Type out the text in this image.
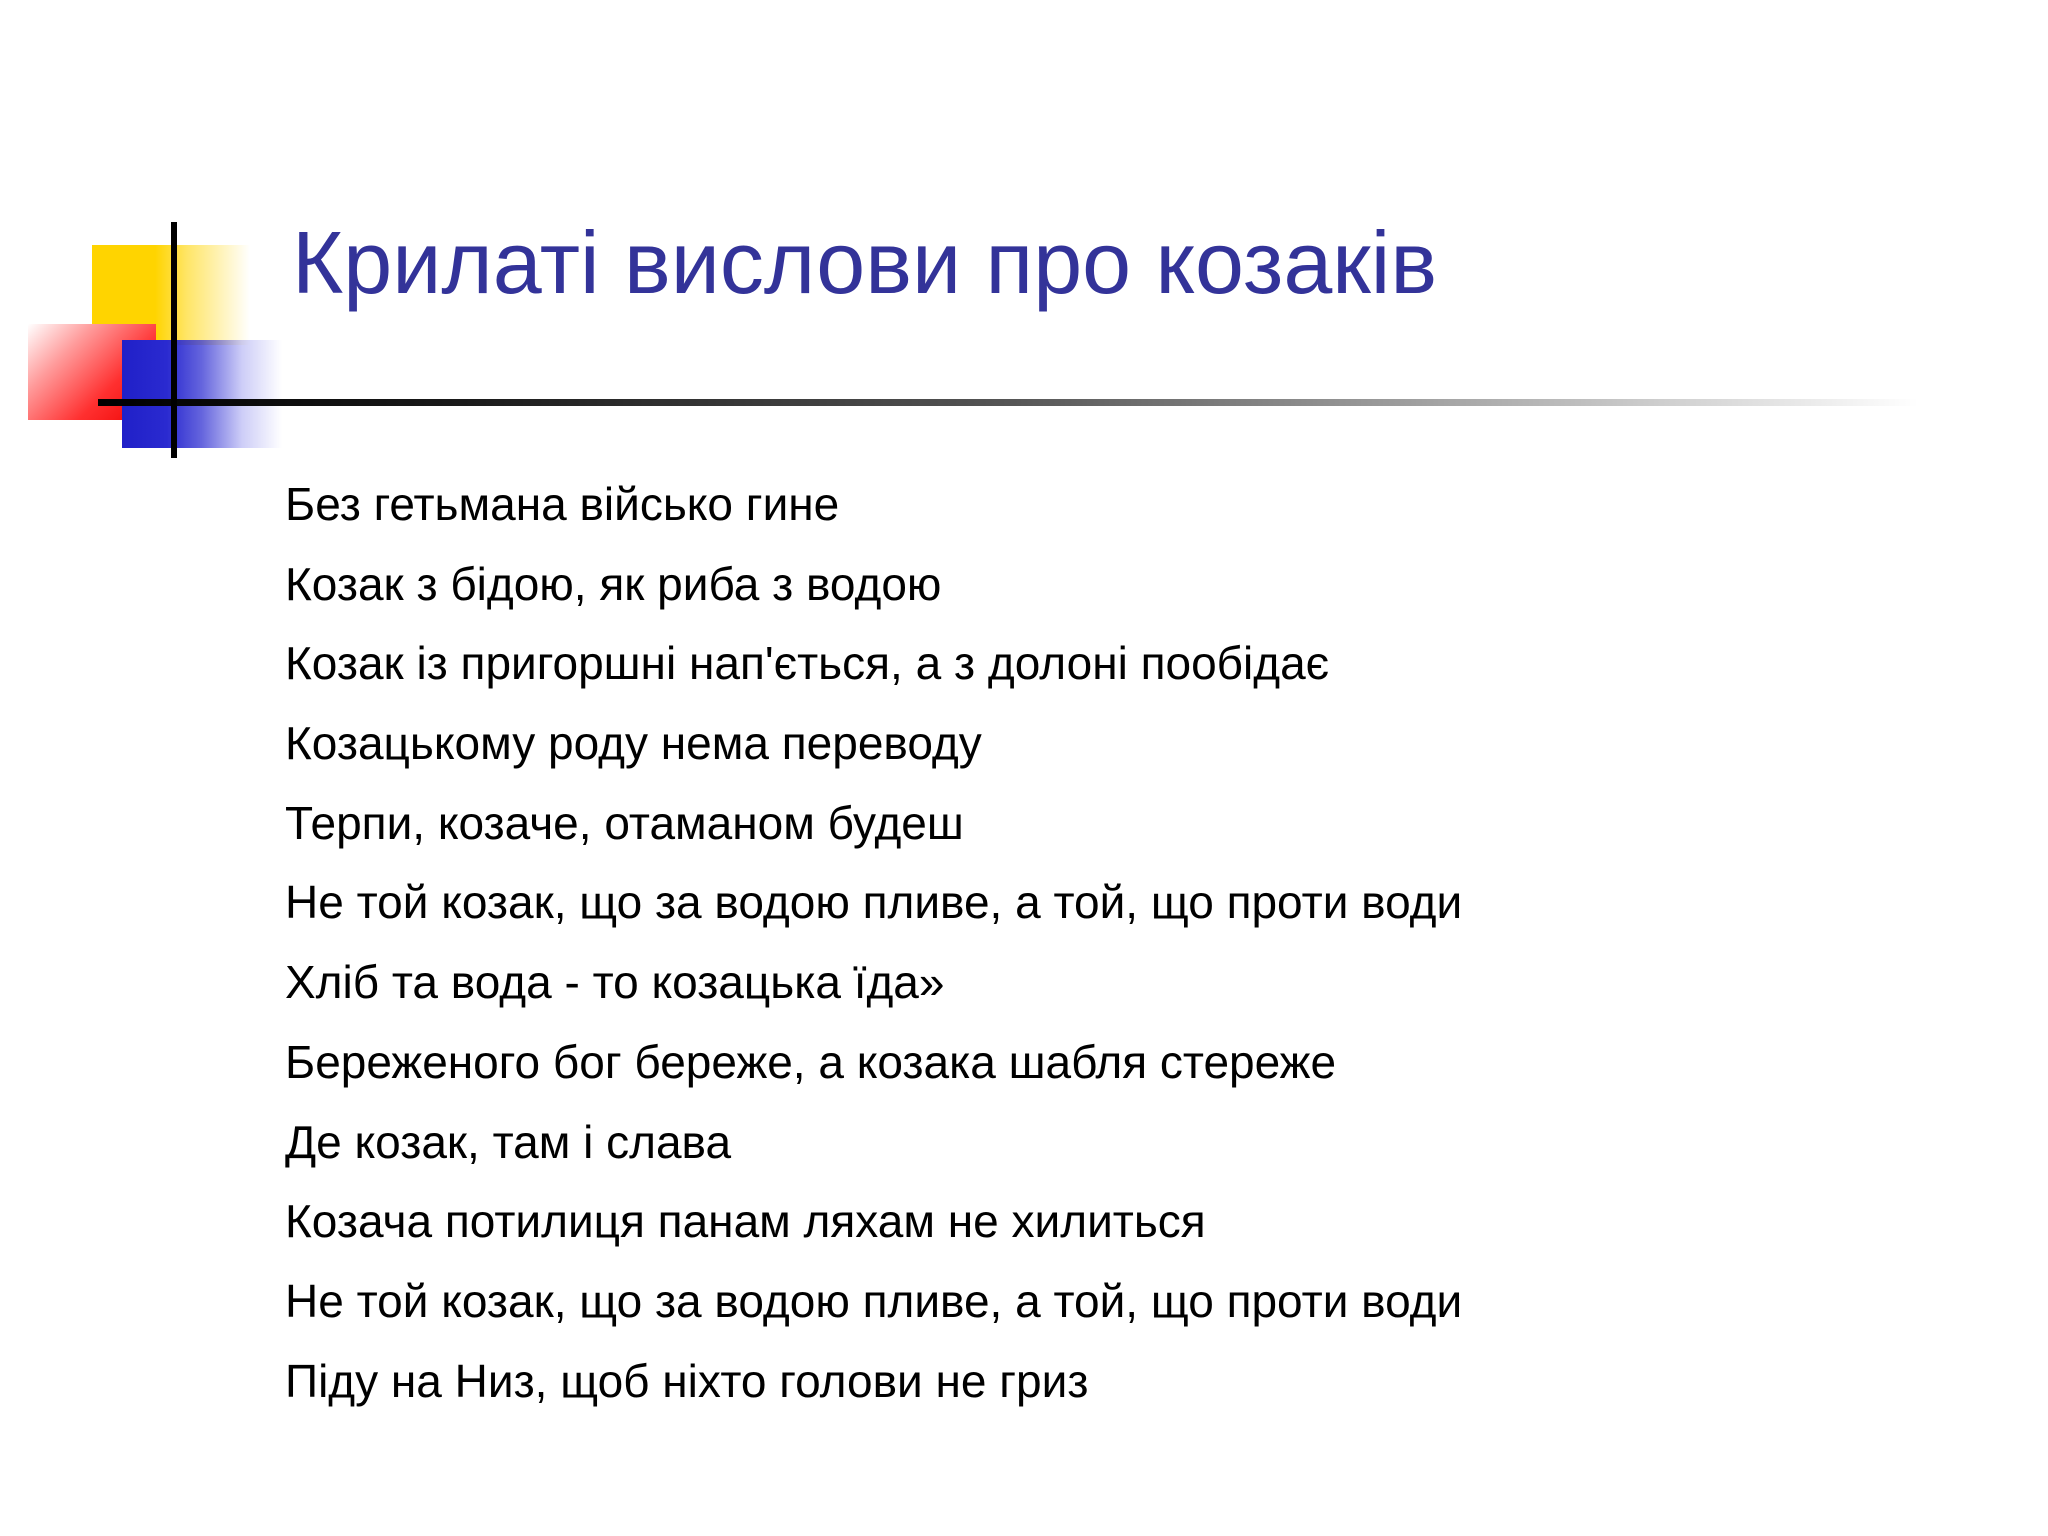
Крилаті вислови про козаків
Без гетьмана військо гине
Козак з бідою, як риба з водою
Козак із пригоршні нап'ється, а з долоні пообідає
Козацькому роду нема переводу
Терпи, козаче, отаманом будеш
Не той козак, що за водою пливе, а той, що проти води
Хліб та вода - то козацька їда»
Береженого бог береже, а козака шабля стереже
Де козак, там і слава
Козача потилиця панам ляхам не хилиться
Не той козак, що за водою пливе, а той, що проти води
Піду на Низ, щоб ніхто голови не гриз
